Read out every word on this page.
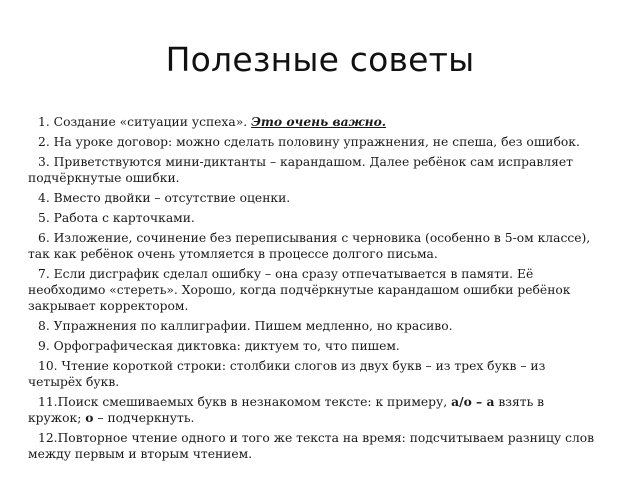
Полезные советы
1. Создание «ситуации успеха». Это очень важно.
2. На уроке договор: можно сделать половину упражнения, не спеша, без ошибок.
3. Приветствуются мини-диктанты – карандашом. Далее ребёнок сам исправляет подчёркнутые ошибки.
4. Вместо двойки – отсутствие оценки.
5. Работа с карточками.
6. Изложение, сочинение без переписывания с черновика (особенно в 5-ом классе), так как ребёнок очень утомляется в процессе долгого письма.
7. Если дисграфик сделал ошибку – она сразу отпечатывается в памяти. Её необходимо «стереть». Хорошо, когда подчёркнутые карандашом ошибки ребёнок закрывает корректором.
8. Упражнения по каллиграфии. Пишем медленно, но красиво.
9. Орфографическая диктовка: диктуем то, что пишем.
10. Чтение короткой строки: столбики слогов из двух букв – из трех букв – из четырёх букв.
11.Поиск смешиваемых букв в незнакомом тексте: к примеру, а/о – а взять в кружок; о – подчеркнуть.
12.Повторное чтение одного и того же текста на время: подсчитываем разницу слов между первым и вторым чтением.
